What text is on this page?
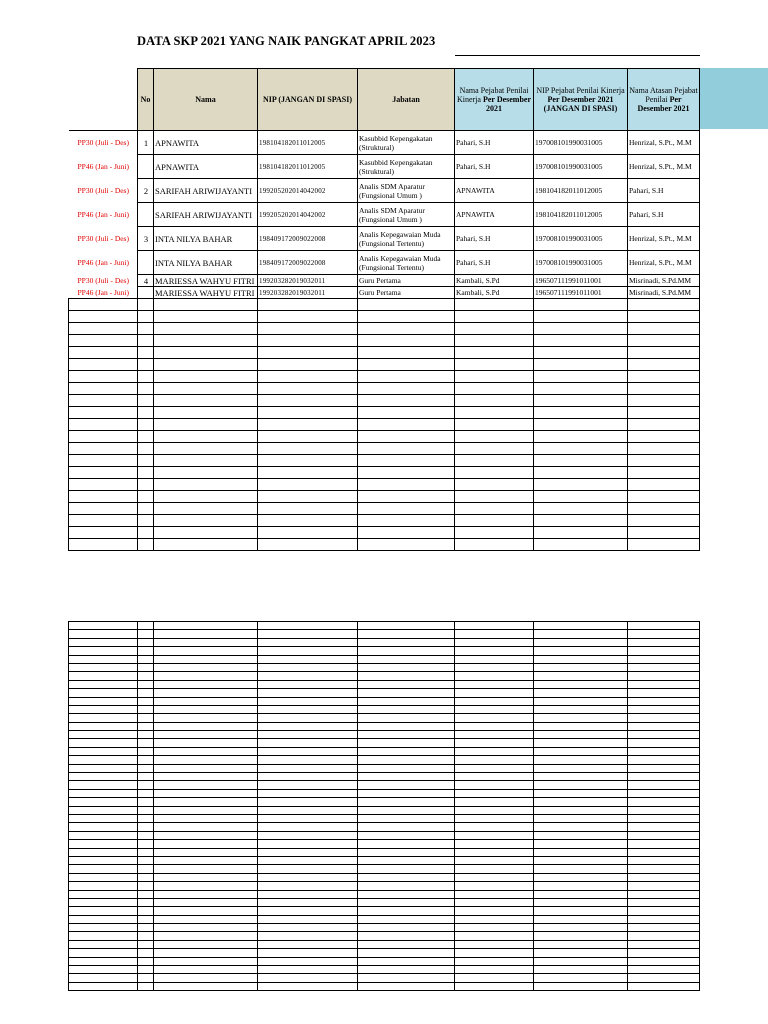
DATA SKP 2021 YANG NAIK PANGKAT APRIL 2023
	No	Nama	NIP (JANGAN DI SPASI)	Jabatan	Nama Pejabat Penilai Kinerja Per Desember 2021	NIP Pejabat Penilai Kinerja Per Desember 2021 (JANGAN DI SPASI)	Nama Atasan Pejabat Penilai Per Desember 2021
PP30 (Juli - Des)	1	APNAWITA	198104182011012005	Kasubbid Kepengakatan (Struktural)	Pahari, S.H	197008101990031005	Henrizal, S.Pt., M.M
PP46 (Jan - Juni)		APNAWITA	198104182011012005	Kasubbid Kepengakatan (Struktural)	Pahari, S.H	197008101990031005	Henrizal, S.Pt., M.M
PP30 (Juli - Des)	2	SARIFAH ARIWIJAYANTI	199205202014042002	Analis SDM Aparatur (Fungsional Umum )	APNAWITA	198104182011012005	Pahari, S.H
PP46 (Jan - Juni)		SARIFAH ARIWIJAYANTI	199205202014042002	Analis SDM Aparatur (Fungsional Umum )	APNAWITA	198104182011012005	Pahari, S.H
PP30 (Juli - Des)	3	INTA NILYA BAHAR	198409172009022008	Analis Kepegawaian Muda (Fungsional Tertentu)	Pahari, S.H	197008101990031005	Henrizal, S.Pt., M.M
PP46 (Jan - Juni)		INTA NILYA BAHAR	198409172009022008	Analis Kepegawaian Muda (Fungsional Tertentu)	Pahari, S.H	197008101990031005	Henrizal, S.Pt., M.M
PP30 (Juli - Des)	4	MARIESSA WAHYU FITRI	199203282019032011	Guru Pertama	Kambali, S.Pd	196507111991011001	Misrinadi, S.Pd.MM
PP46 (Jan - Juni)		MARIESSA WAHYU FITRI	199203282019032011	Guru Pertama	Kambali, S.Pd	196507111991011001	Misrinadi, S.Pd.MM
